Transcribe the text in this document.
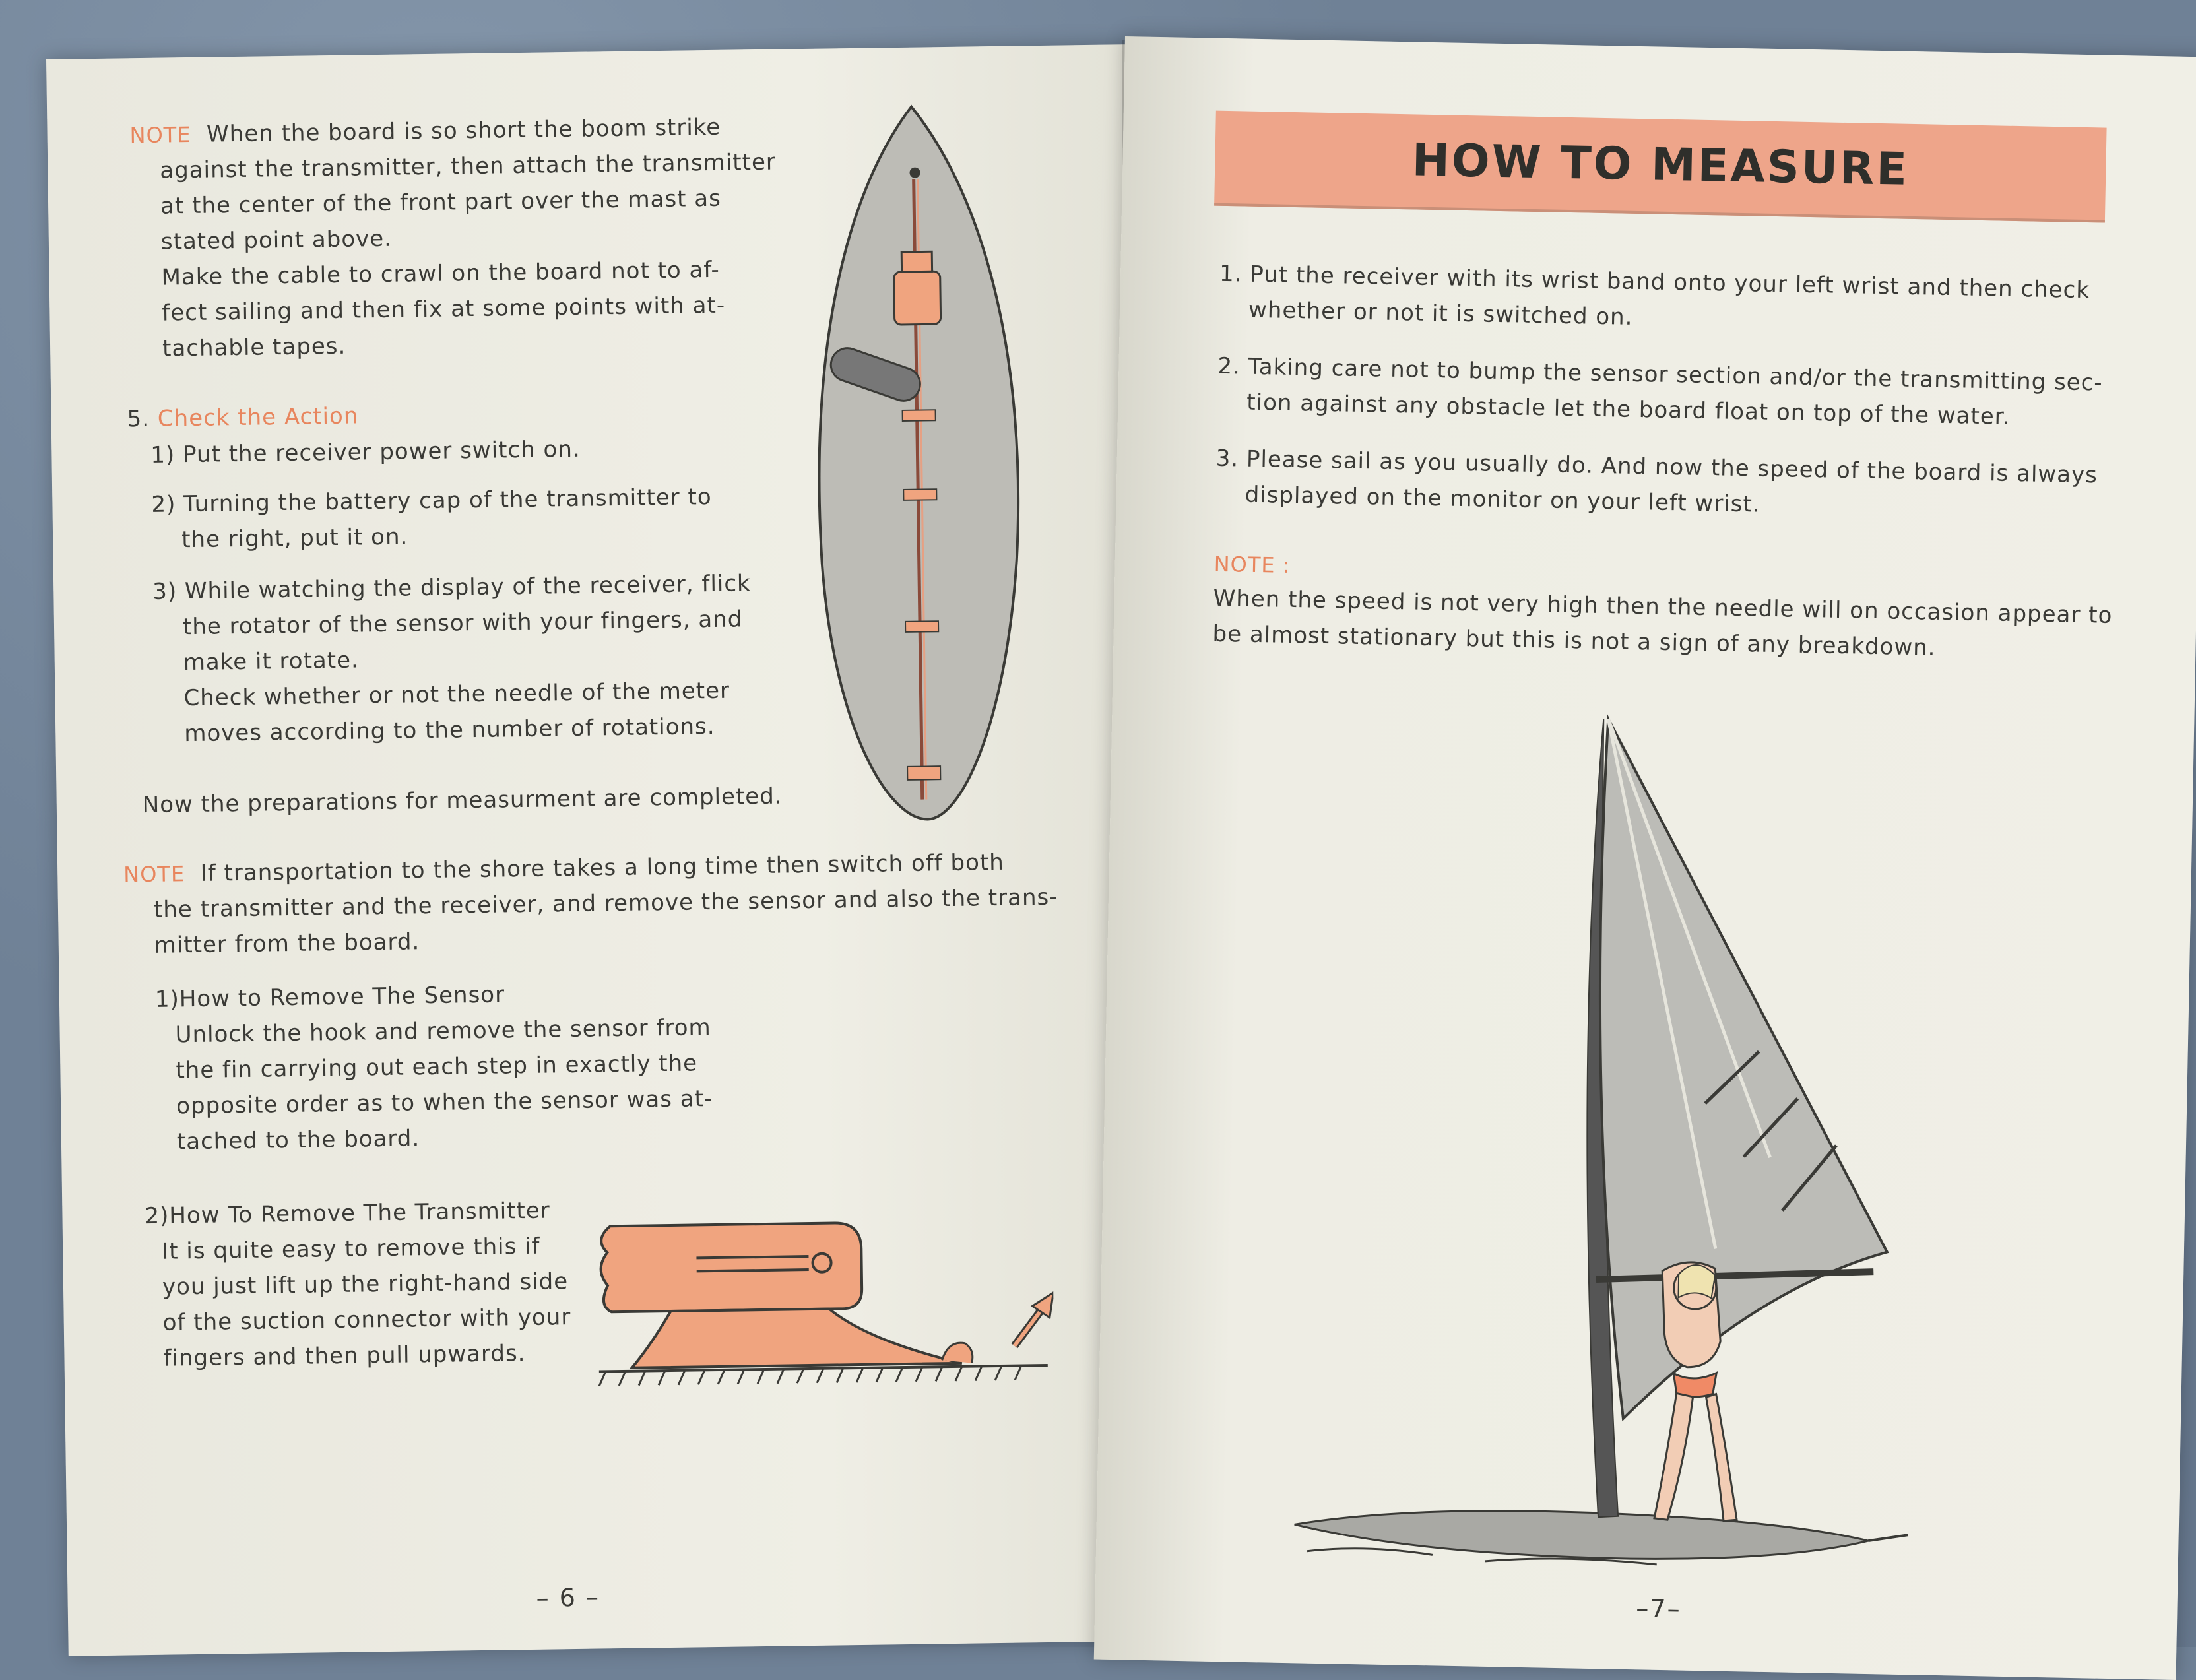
NOTE When the board is so short the boom strike
against the transmitter, then attach the transmitter
at the center of the front part over the mast as
stated point above.
Make the cable to crawl on the board not to af-
fect sailing and then fix at some points with at-
tachable tapes.
5. Check the Action
1) Put the receiver power switch on.
2) Turning the battery cap of the transmitter to
the right, put it on.
3) While watching the display of the receiver, flick
the rotator of the sensor with your fingers, and
make it rotate.
Check whether or not the needle of the meter
moves according to the number of rotations.
Now the preparations for measurment are completed.
NOTE If transportation to the shore takes a long time then switch off both
the transmitter and the receiver, and remove the sensor and also the trans-
mitter from the board.
1)How to Remove The Sensor
Unlock the hook and remove the sensor from
the fin carrying out each step in exactly the
opposite order as to when the sensor was at-
tached to the board.
2)How To Remove The Transmitter
It is quite easy to remove this if
you just lift up the right-hand side
of the suction connector with your
fingers and then pull upwards.
– 6 –
HOW TO MEASURE
1. Put the receiver with its wrist band onto your left wrist and then check
whether or not it is switched on.
2. Taking care not to bump the sensor section and/or the transmitting sec-
tion against any obstacle let the board float on top of the water.
3. Please sail as you usually do. And now the speed of the board is always
displayed on the monitor on your left wrist.
NOTE :
When the speed is not very high then the needle will on occasion appear to
be almost stationary but this is not a sign of any breakdown.
–7–
